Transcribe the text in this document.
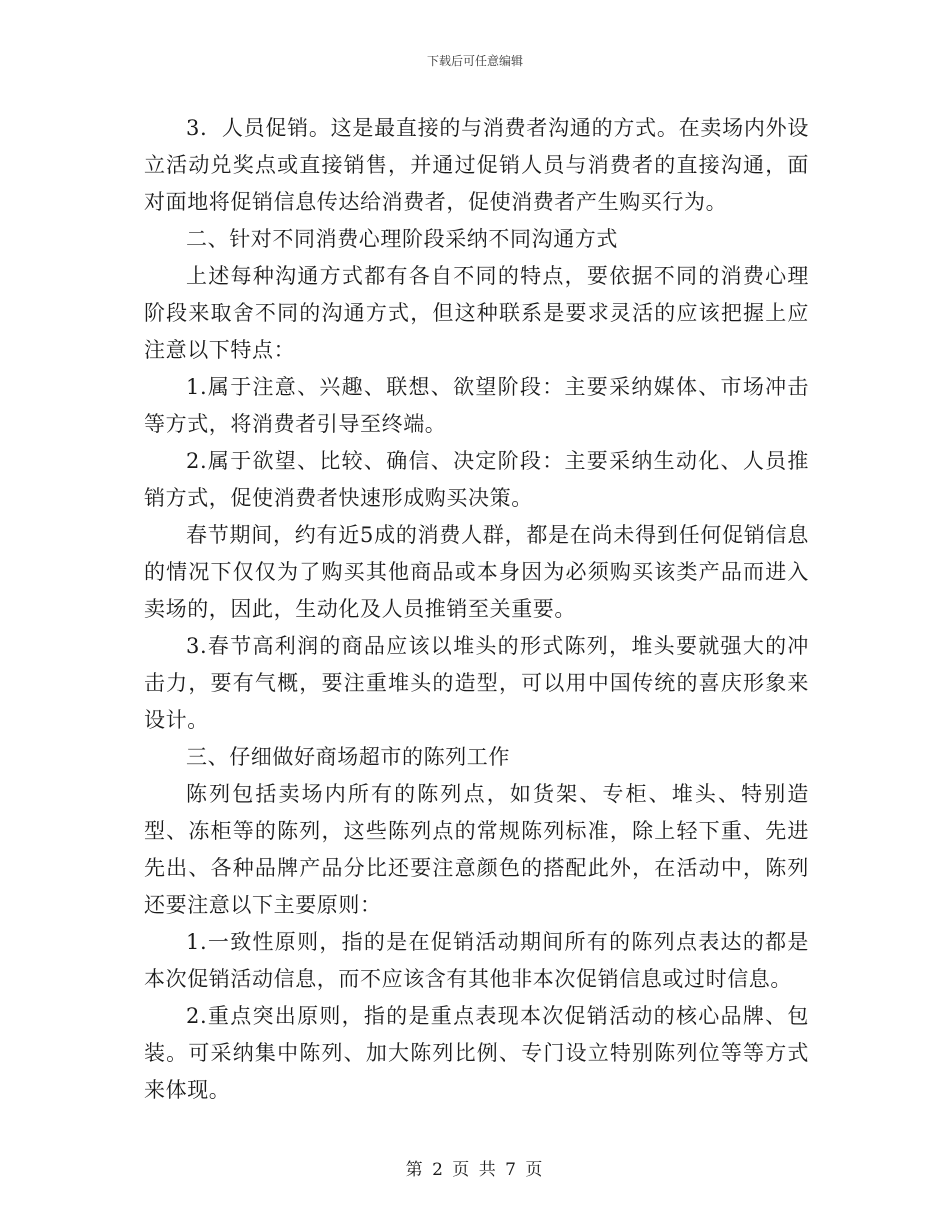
下载后可任意编辑

3．人员促销。这是最直接的与消费者沟通的方式。在卖场内外设立活动兑奖点或直接销售，并通过促销人员与消费者的直接沟通，面对面地将促销信息传达给消费者，促使消费者产生购买行为。

二、针对不同消费心理阶段采纳不同沟通方式

上述每种沟通方式都有各自不同的特点，要依据不同的消费心理阶段来取舍不同的沟通方式，但这种联系是要求灵活的应该把握上应注意以下特点：

1.属于注意、兴趣、联想、欲望阶段：主要采纳媒体、市场冲击等方式，将消费者引导至终端。

2.属于欲望、比较、确信、决定阶段：主要采纳生动化、人员推销方式，促使消费者快速形成购买决策。

春节期间，约有近5成的消费人群，都是在尚未得到任何促销信息的情况下仅仅为了购买其他商品或本身因为必须购买该类产品而进入卖场的，因此，生动化及人员推销至关重要。

3.春节高利润的商品应该以堆头的形式陈列，堆头要就强大的冲击力，要有气概，要注重堆头的造型，可以用中国传统的喜庆形象来设计。

三、仔细做好商场超市的陈列工作

陈列包括卖场内所有的陈列点，如货架、专柜、堆头、特别造型、冻柜等的陈列，这些陈列点的常规陈列标准，除上轻下重、先进先出、各种品牌产品分比还要注意颜色的搭配此外，在活动中，陈列还要注意以下主要原则：

1.一致性原则，指的是在促销活动期间所有的陈列点表达的都是本次促销活动信息，而不应该含有其他非本次促销信息或过时信息。

2.重点突出原则，指的是重点表现本次促销活动的核心品牌、包装。可采纳集中陈列、加大陈列比例、专门设立特别陈列位等等方式来体现。

第 2 页 共 7 页
